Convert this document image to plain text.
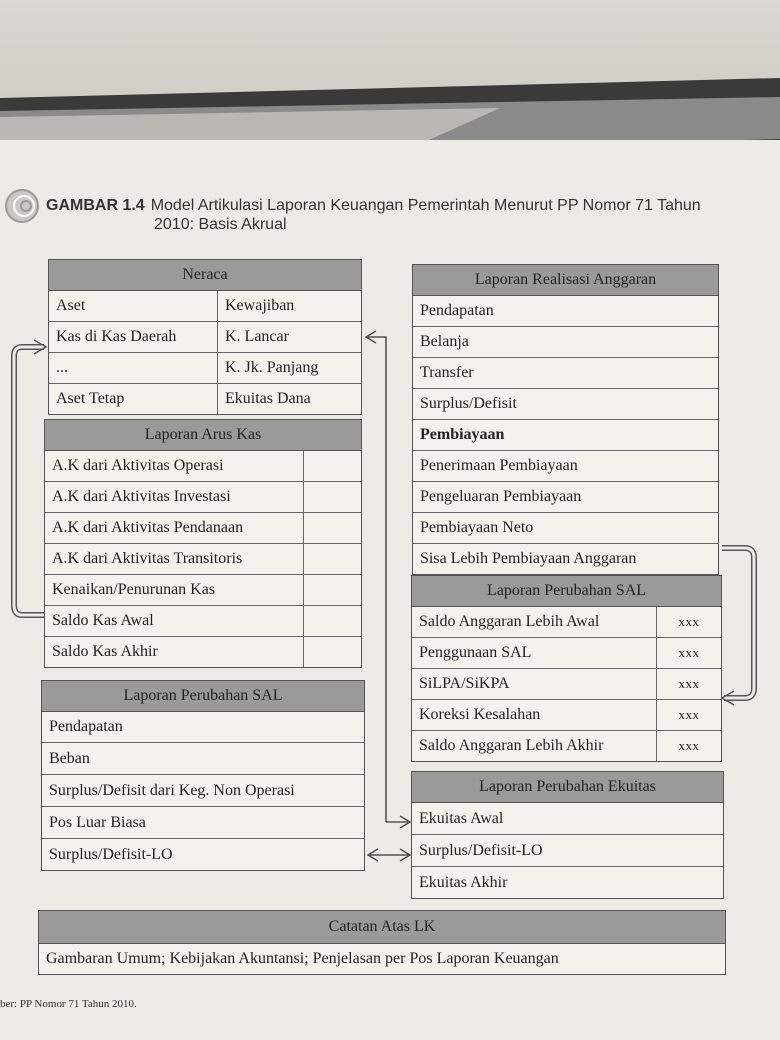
GAMBAR 1.4 Model Artikulasi Laporan Keuangan Pemerintah Menurut PP Nomor 71 Tahun
2010: Basis Akrual
Neraca
Aset	Kewajiban
Kas di Kas Daerah	K. Lancar
...	K. Jk. Panjang
Aset Tetap	Ekuitas Dana
Laporan Arus Kas
A.K dari Aktivitas Operasi
A.K dari Aktivitas Investasi
A.K dari Aktivitas Pendanaan
A.K dari Aktivitas Transitoris
Kenaikan/Penurunan Kas
Saldo Kas Awal
Saldo Kas Akhir
Laporan Perubahan SAL
Pendapatan
Beban
Surplus/Defisit dari Keg. Non Operasi
Pos Luar Biasa
Surplus/Defisit-LO
Laporan Realisasi Anggaran
Pendapatan
Belanja
Transfer
Surplus/Defisit
Pembiayaan
Penerimaan Pembiayaan
Pengeluaran Pembiayaan
Pembiayaan Neto
Sisa Lebih Pembiayaan Anggaran
Laporan Perubahan SAL
Saldo Anggaran Lebih Awal	xxx
Penggunaan SAL	xxx
SiLPA/SiKPA	xxx
Koreksi Kesalahan	xxx
Saldo Anggaran Lebih Akhir	xxx
Laporan Perubahan Ekuitas
Ekuitas Awal
Surplus/Defisit-LO
Ekuitas Akhir
Catatan Atas LK
Gambaran Umum; Kebijakan Akuntansi; Penjelasan per Pos Laporan Keuangan
ber: PP Nomor 71 Tahun 2010.
